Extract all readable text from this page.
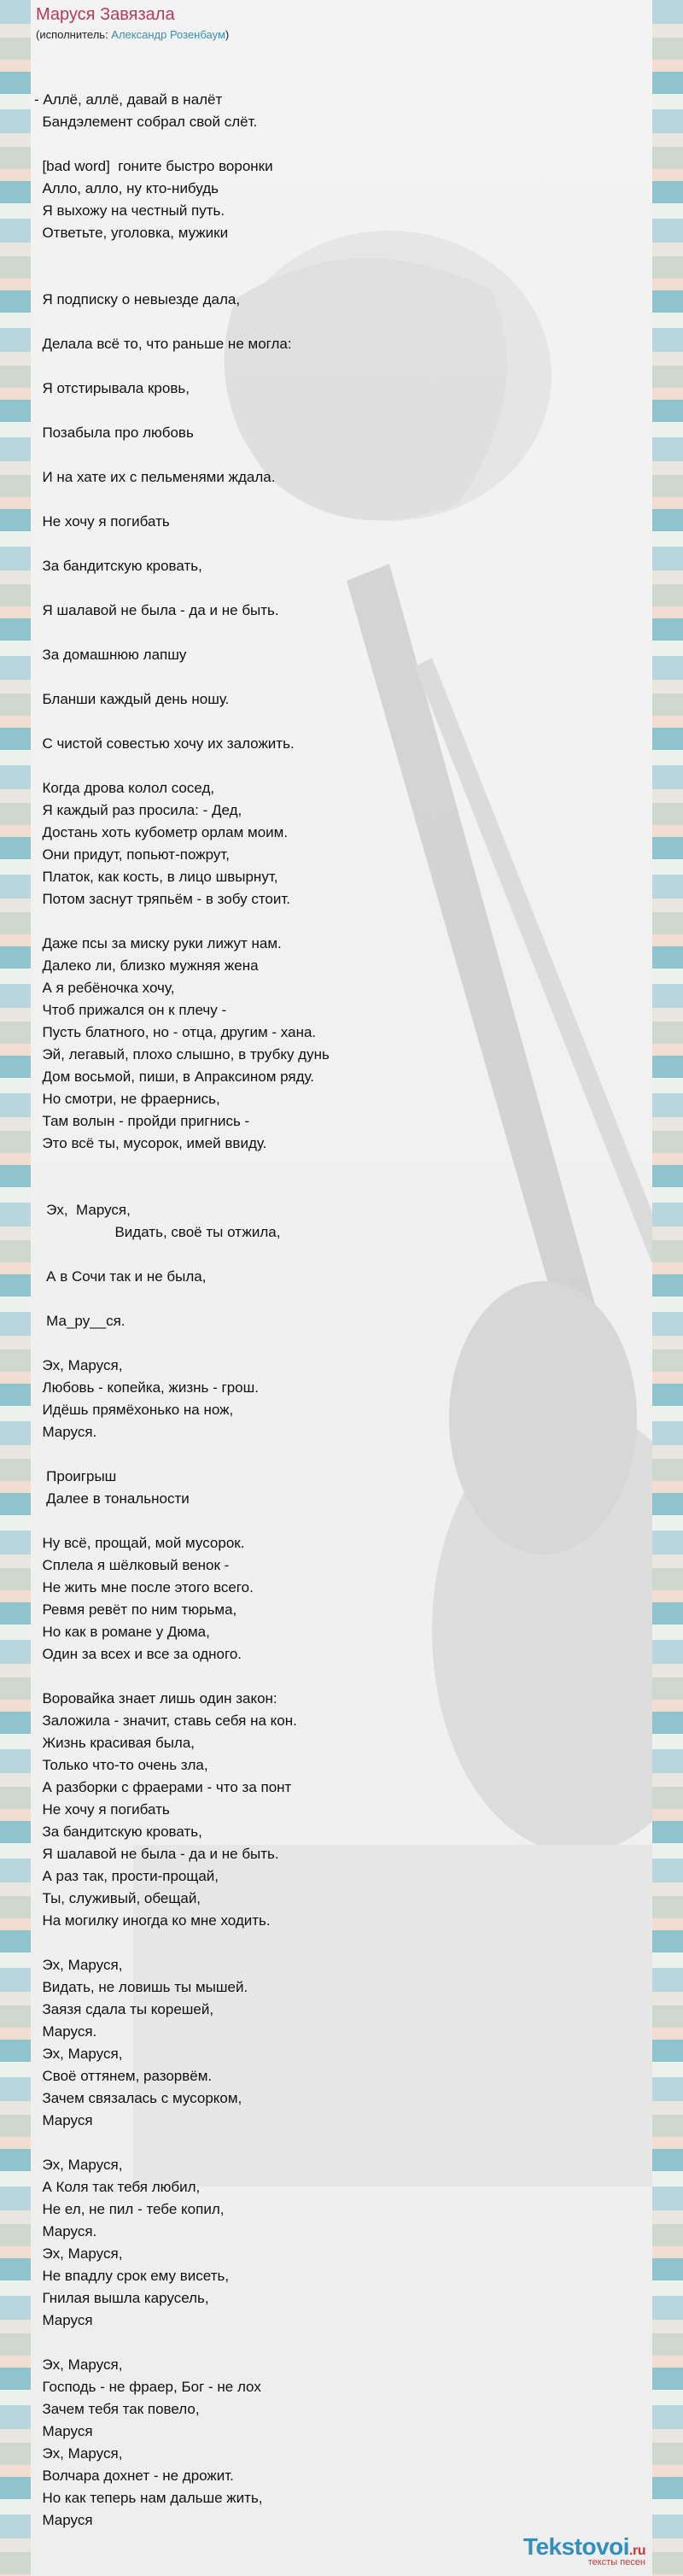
Маруся Завязала
(исполнитель: Александр Розенбаум)
- Аллё, аллё, давай в налёт
Бандэлемент собрал свой слёт.

[bad word]  гоните быстро воронки
Алло, алло, ну кто-нибудь
Я выхожу на честный путь.
Ответьте, уголовка, мужики

Я подписку о невыезде дала,

Делала всё то, что раньше не могла:

Я отстирывала кровь,

Позабыла про любовь

И на хате их с пельменями ждала.

Не хочу я погибать

За бандитскую кровать,

Я шалавой не была - да и не быть.

За домашнюю лапшу

Бланши каждый день ношу.

С чистой совестью хочу их заложить.

Когда дрова колол сосед,
Я каждый раз просила: - Дед,
Достань хоть кубометр орлам моим.
Они придут, попьют-пожрут,
Платок, как кость, в лицо швырнут,
Потом заснут тряпьём - в зобу стоит.

Даже псы за миску руки лижут нам.
Далеко ли, близко мужняя жена
А я ребёночка хочу,
Чтоб прижался он к плечу -
Пусть блатного, но - отца, другим - хана.
Эй, легавый, плохо слышно, в трубку дунь
Дом восьмой, пиши, в Апраксином ряду.
Но смотри, не фраернись,
Там волын - пройди пригнись -
Это всё ты, мусорок, имей ввиду.

Эх,  Маруся,
Видать, своё ты отжила,

А в Сочи так и не была,

Ма_ру__ся.

Эх, Маруся,
Любовь - копейка, жизнь - грош.
Идёшь прямёхонько на нож,
Маруся.

Проигрыш
Далее в тональности

Ну всё, прощай, мой мусорок.
Сплела я шёлковый венок -
Не жить мне после этого всего.
Ревмя ревёт по ним тюрьма,
Но как в романе у Дюма,
Один за всех и все за одного.

Воровайка знает лишь один закон:
Заложила - значит, ставь себя на кон.
Жизнь красивая была,
Только что-то очень зла,
А разборки с фраерами - что за понт
Не хочу я погибать
За бандитскую кровать,
Я шалавой не была - да и не быть.
А раз так, прости-прощай,
Ты, служивый, обещай,
На могилку иногда ко мне ходить.

Эх, Маруся,
Видать, не ловишь ты мышей.
Заязя сдала ты корешей,
Маруся.
Эх, Маруся,
Своё оттянем, разорвём.
Зачем связалась с мусорком,
Маруся

Эх, Маруся,
А Коля так тебя любил,
Не ел, не пил - тебе копил,
Маруся.
Эх, Маруся,
Не впадлу срок ему висеть,
Гнилая вышла карусель,
Маруся

Эх, Маруся,
Господь - не фраер, Бог - не лох
Зачем тебя так повело,
Маруся
Эх, Маруся,
Волчара дохнет - не дрожит.
Но как теперь нам дальше жить,
Маруся
Tekstovoi.ru
тексты песен
